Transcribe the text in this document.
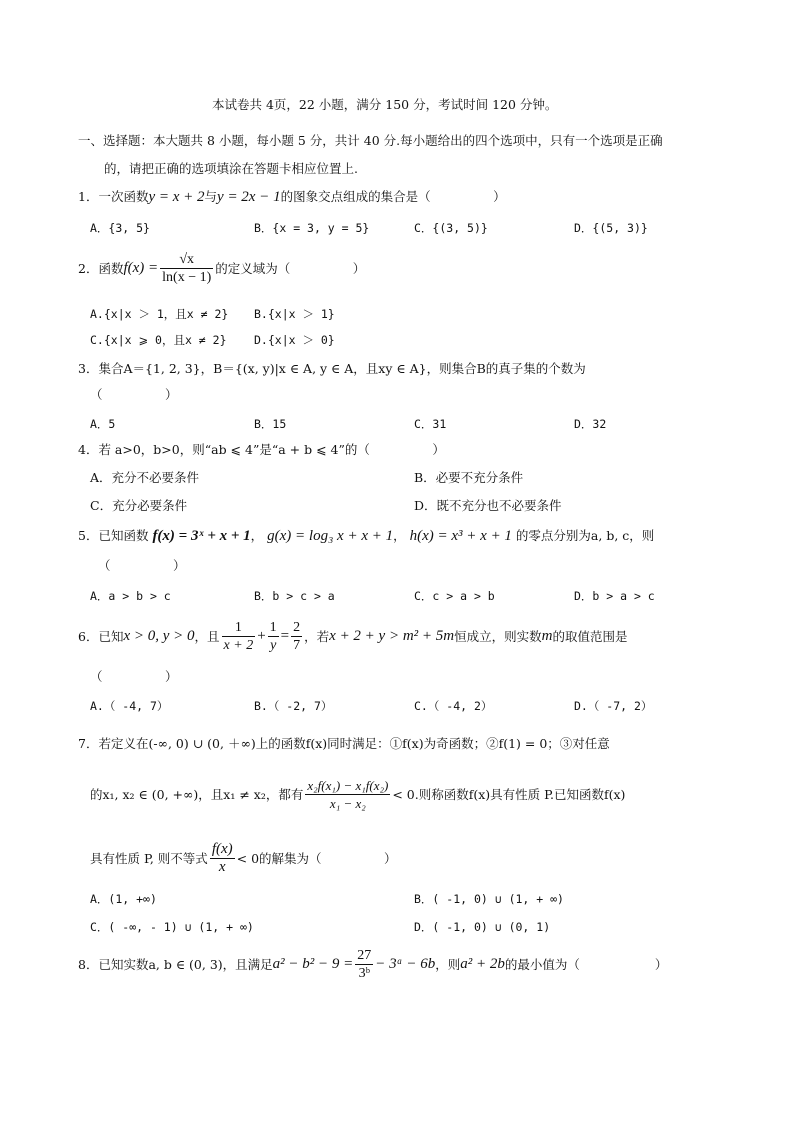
本试卷共 4页，22 小题，满分 150 分，考试时间 120 分钟。
一、选择题：本大题共 8 小题，每小题 5 分，共计 40 分.每小题给出的四个选项中，只有一个选项是正确
的，请把正确的选项填涂在答题卡相应位置上.
1．一次函数y = x + 2与y = 2x − 1的图象交点组成的集合是（　　　　　）
A．{3, 5}	B．{x = 3, y = 5}	C．{(3, 5)}	D．{(5, 3)}
2．函数 $f(x) = \frac{√x}{\ln(x - 1)}$ 的定义域为（　　　　　）
A.{x|x ＞ 1，且x ≠ 2} B.{x|x ＞ 1}
C.{x|x ⩾ 0，且x ≠ 2} D.{x|x ＞ 0}
3．集合A＝{1, 2, 3}，B＝{(x, y)|x ∈ A, y ∈ A，且xy ∈ A}，则集合B的真子集的个数为
（　　　　　）
A．5	B．15	C．31	D．32
4．若 a>0，b>0，则“ab ⩽ 4”是“a + b ⩽ 4”的（　　　　　）
A．充分不必要条件	B．必要不充分条件
C．充分必要条件	D．既不充分也不必要条件
5．已知函数 f(x) = 3ˣ + x + 1， g(x) = log₃ x + x + 1， h(x) = x³ + x + 1 的零点分别为a, b, c，则
（　　　　　）
A．a > b > c	B．b > c > a	C．c > a > b	D．b > a > c
6．已知 x > 0, y > 0 ，且 $\frac{1}{x + 2} + \frac{1}{y} = \frac{2}{7}$ ，若 x + 2 + y > m² + 5m 恒成立，则实数 m 的取值范围是
（　　　　　）
A.（ -4, 7）	B.（ -2, 7）	C.（ -4, 2）	D.（ -7, 2）
7．若定义在(-∞, 0) ∪ (0, ＋∞)上的函数f(x)同时满足：①f(x)为奇函数；②f(1) = 0；③对任意
的x₁, x₂ ∈ (0, +∞)，且x₁ ≠ x₂，都有 $\frac{\text{x₂f(x₁) − x₁f(x₂)}}{\text{x₁ − x₂}} < 0$.则称函数f(x)具有性质 P.已知函数f(x)
具有性质 P, 则不等式 $\frac{f(x)}{x} < 0$的解集为（　　　　　）
A．(1, +∞)	B．( -1, 0) ∪ (1, + ∞)
C．( -∞, - 1) ∪ (1, + ∞)	D．( -1, 0) ∪ (0, 1)
8．已知实数a, b ∈ (0, 3)，且满足 $a^2 - b^2 - 9 = \frac{27}{\text{3ᵇ}}$ − 3ᵃ − 6b ，则 a² + 2b 的最小值为（　　　　　　）
